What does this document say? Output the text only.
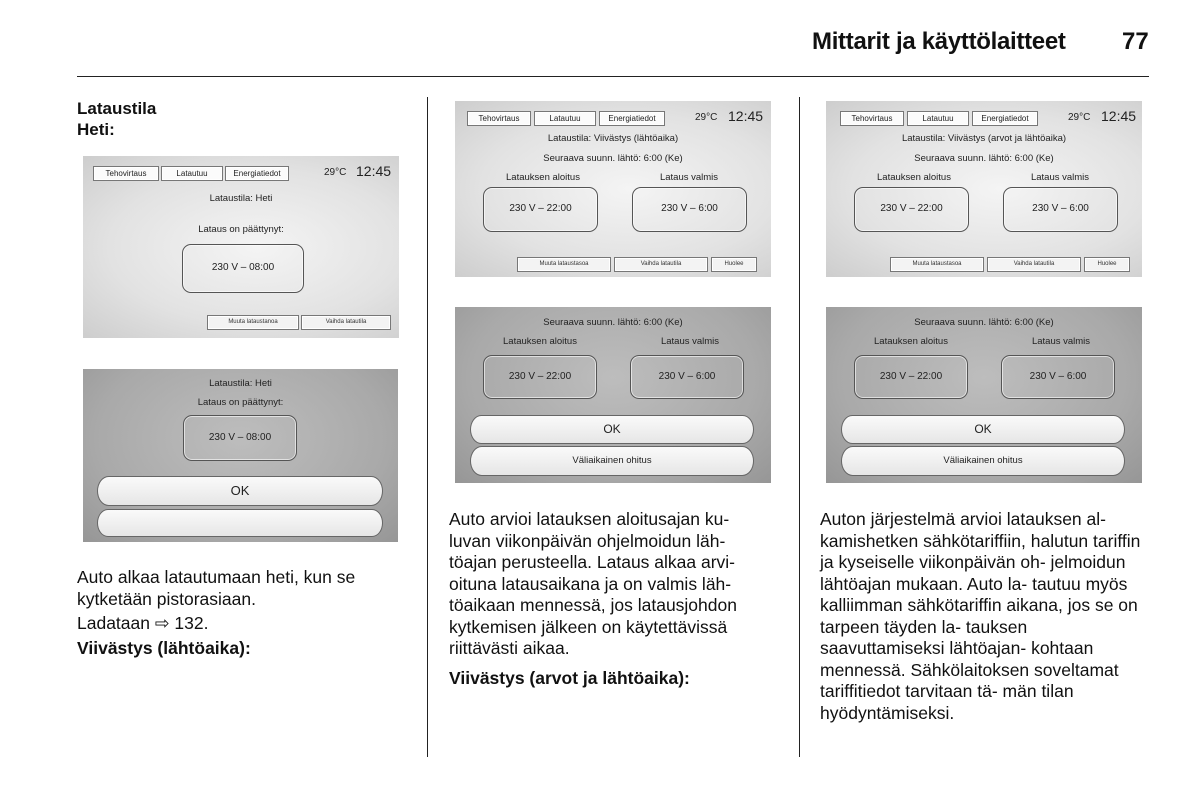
Mittarit ja käyttölaitteet 77
Lataustila
Heti:
Tehovirtaus	Latautuu	Energiatiedot	29°C 12:45
Lataustila: Heti
Lataus on päättynyt:
230 V – 08:00
Muuta lataustanoa	Vaihda latautila
Lataustila: Heti
Lataus on päättynyt:
230 V – 08:00
OK

Auto alkaa latautumaan heti, kun se kytketään pistorasiaan.

Ladataan ⇨ 132.

Viivästys (lähtöaika):

Tehovirtaus	Latautuu	Energiatiedot	29°C 12:45
Lataustila: Viivästys (lähtöaika)
Seuraava suunn. lähtö: 6:00 (Ke)
Latauksen aloitus	Lataus valmis
230 V – 22:00	230 V – 6:00
Muuta lataustasoa	Vaihda latautila	Huolee
Seuraava suunn. lähtö: 6:00 (Ke)
Latauksen aloitus	Lataus valmis
230 V – 22:00	230 V – 6:00
OK
Väliaikainen ohitus

Auto arvioi latauksen aloitusajan ku- luvan viikonpäivän ohjelmoidun läh- töajan perusteella. Lataus alkaa arvi- oituna latausaikana ja on valmis läh- töaikaan mennessä, jos latausjohdon kytkemisen jälkeen on käytettävissä riittävästi aikaa.

Viivästys (arvot ja lähtöaika):

Tehovirtaus	Latautuu	Energiatiedot	29°C 12:45
Lataustila: Viivästys (arvot ja lähtöaika)
Seuraava suunn. lähtö: 6:00 (Ke)
Latauksen aloitus	Lataus valmis
230 V – 22:00	230 V – 6:00
Muuta lataustasoa	Vaihda latautila	Huolee
Seuraava suunn. lähtö: 6:00 (Ke)
Latauksen aloitus	Lataus valmis
230 V – 22:00	230 V – 6:00
OK
Väliaikainen ohitus

Auton järjestelmä arvioi latauksen al- kamishetken sähkötariffiin, halutun tariffin ja kyseiselle viikonpäivän oh- jelmoidun lähtöajan mukaan. Auto la- tautuu myös kalliimman sähkötariffin aikana, jos se on tarpeen täyden la- tauksen saavuttamiseksi lähtöajan- kohtaan mennessä. Sähkölaitoksen soveltamat tariffitiedot tarvitaan tä- män tilan hyödyntämiseksi.
